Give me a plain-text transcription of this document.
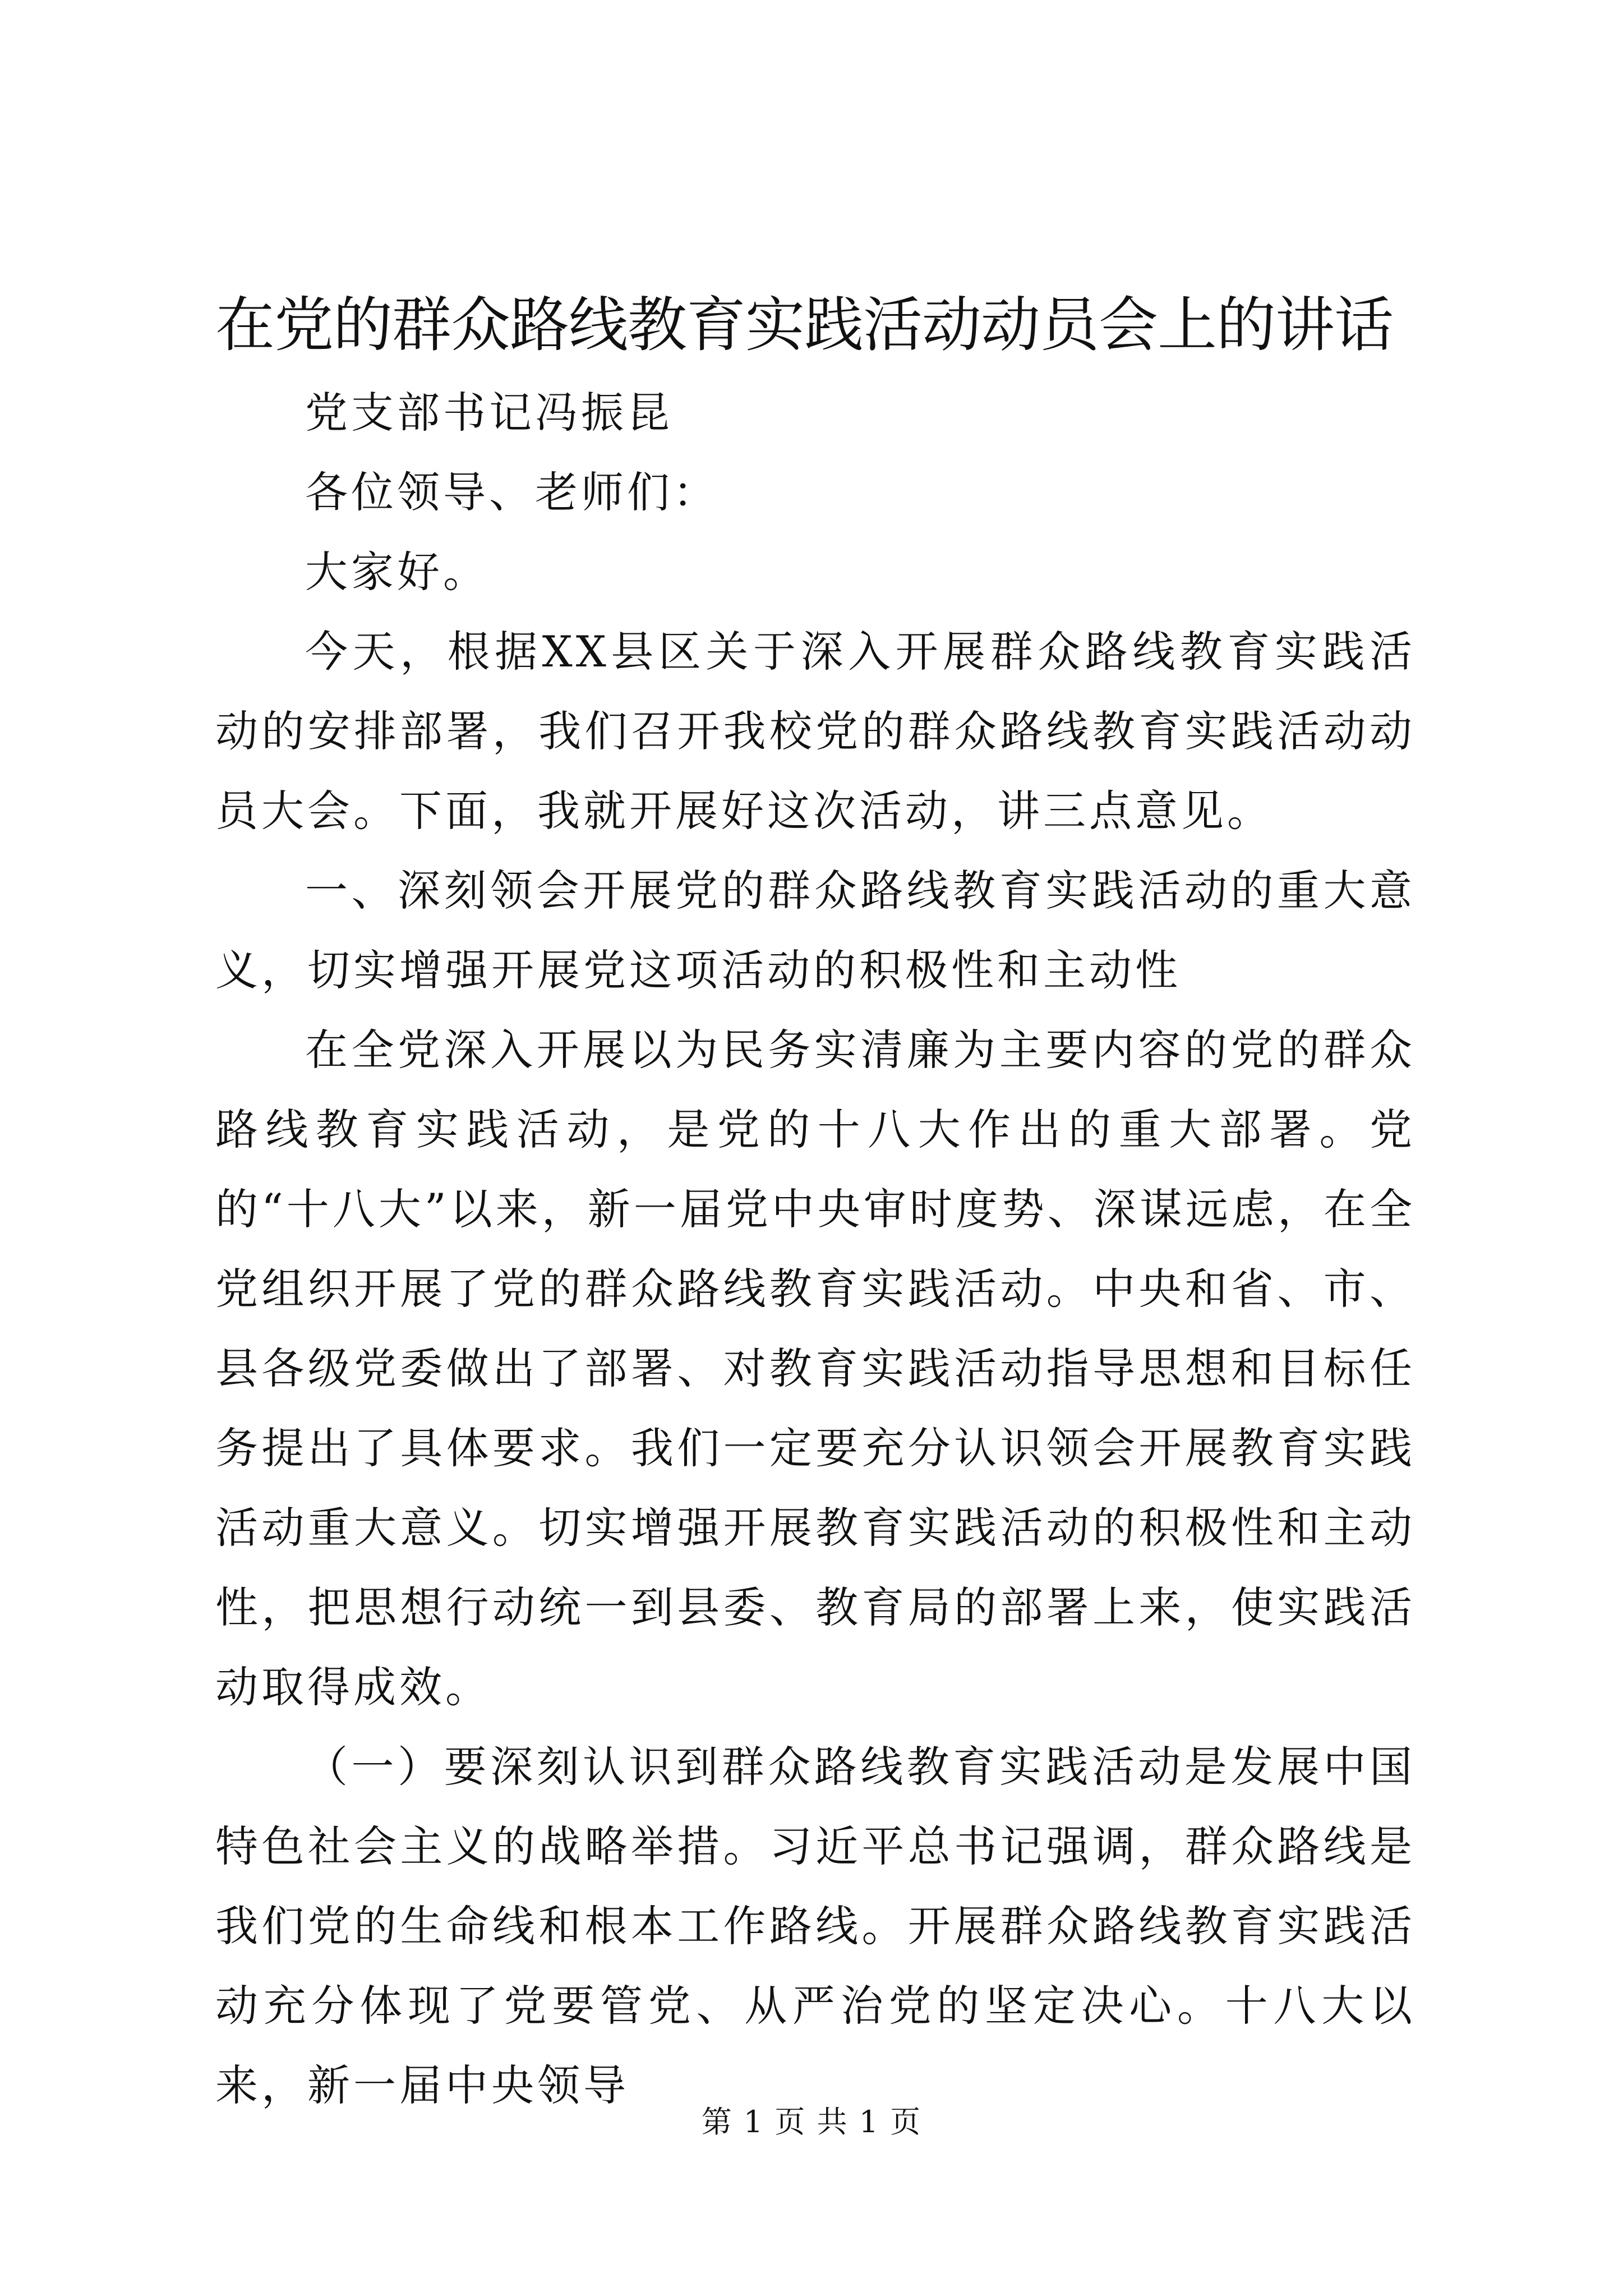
在党的群众路线教育实践活动动员会上的讲话

党支部书记冯振昆

各位领导、老师们：

大家好。

今天，根据XX县区关于深入开展群众路线教育实践活动的安排部署，我们召开我校党的群众路线教育实践活动动员大会。下面，我就开展好这次活动，讲三点意见。

一、深刻领会开展党的群众路线教育实践活动的重大意义，切实增强开展党这项活动的积极性和主动性

在全党深入开展以为民务实清廉为主要内容的党的群众路线教育实践活动，是党的十八大作出的重大部署。党的“十八大”以来，新一届党中央审时度势、深谋远虑，在全党组织开展了党的群众路线教育实践活动。中央和省、市、县各级党委做出了部署、对教育实践活动指导思想和目标任务提出了具体要求。我们一定要充分认识领会开展教育实践活动重大意义。切实增强开展教育实践活动的积极性和主动性，把思想行动统一到县委、教育局的部署上来，使实践活动取得成效。

（一）要深刻认识到群众路线教育实践活动是发展中国特色社会主义的战略举措。习近平总书记强调，群众路线是我们党的生命线和根本工作路线。开展群众路线教育实践活动充分体现了党要管党、从严治党的坚定决心。十八大以来，新一届中央领导

第 1 页 共 1 页
